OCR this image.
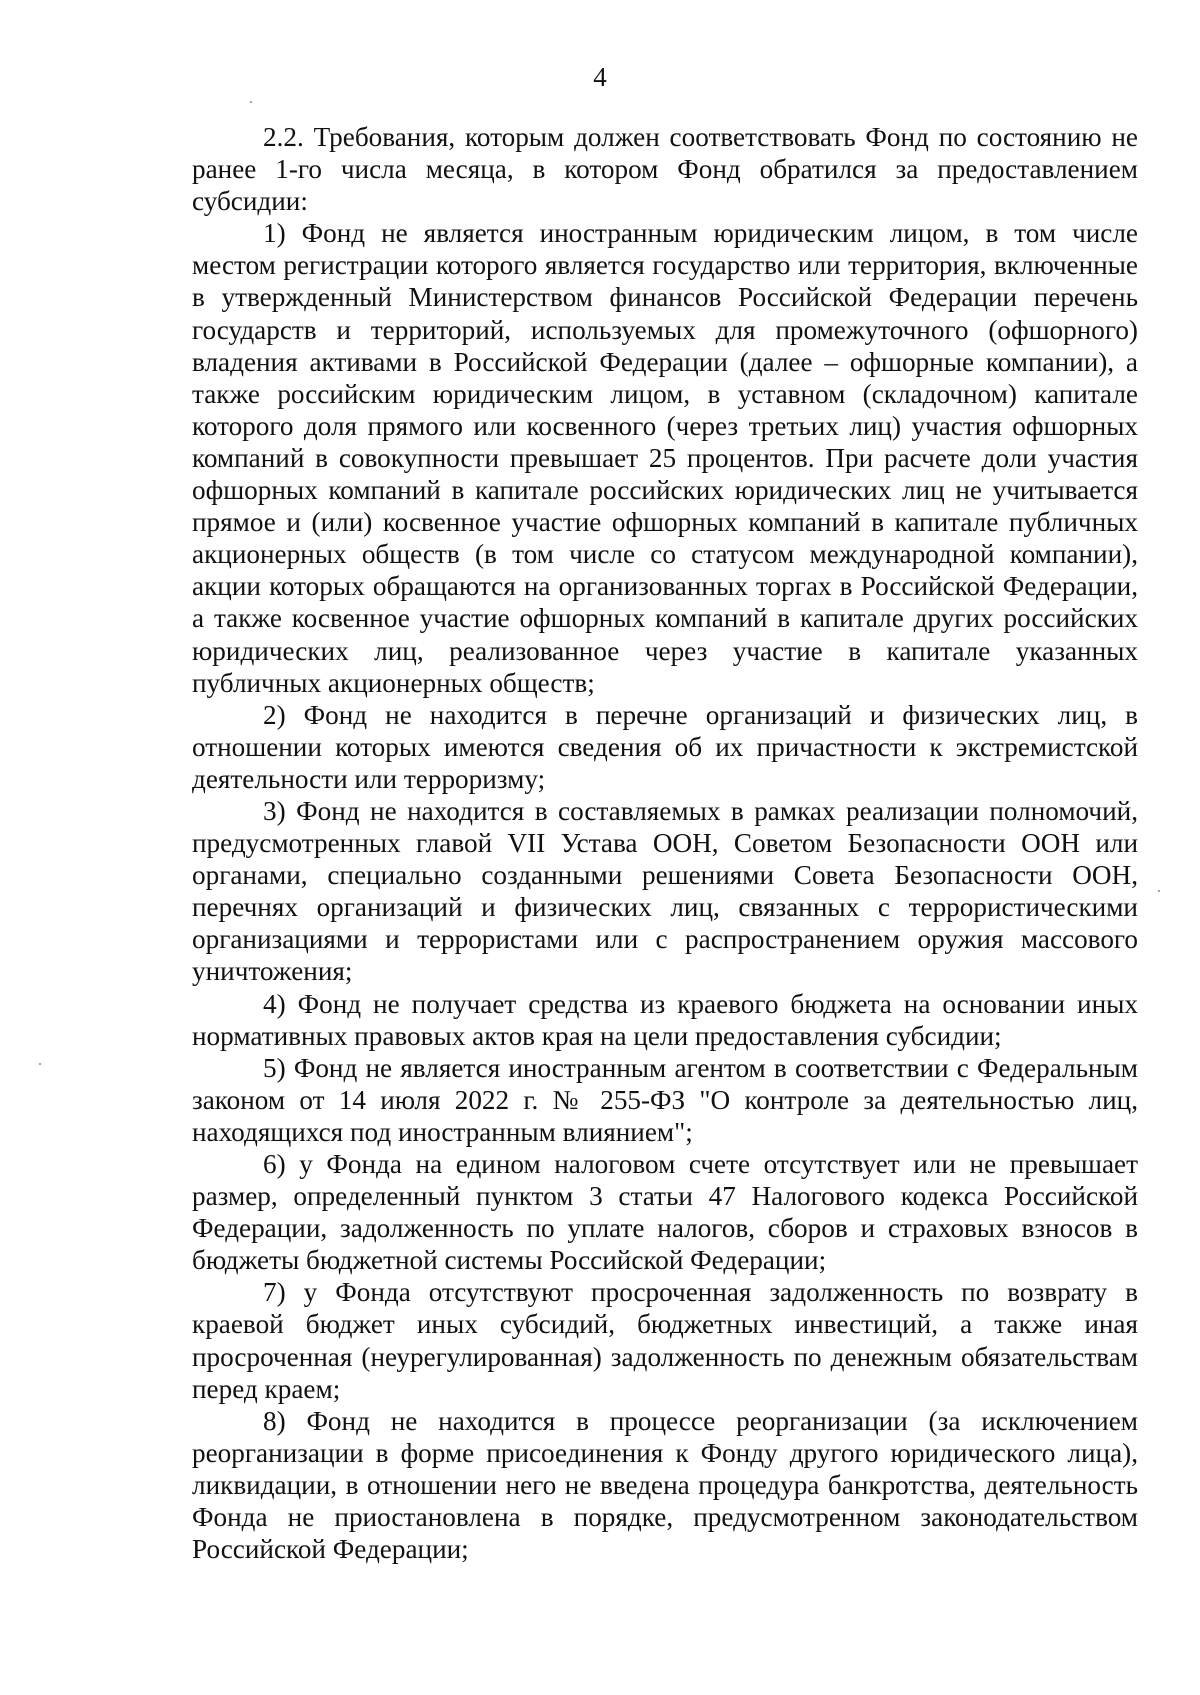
4

2.2. Требования, которым должен соответствовать Фонд по состоянию не ранее 1-го числа месяца, в котором Фонд обратился за предоставлением субсидии:

1) Фонд не является иностранным юридическим лицом, в том числе местом регистрации которого является государство или территория, включенные в утвержденный Министерством финансов Российской Федерации перечень государств и территорий, используемых для промежуточного (офшорного) владения активами в Российской Федерации (далее – офшорные компании), а также российским юридическим лицом, в уставном (складочном) капитале которого доля прямого или косвенного (через третьих лиц) участия офшорных компаний в совокупности превышает 25 процентов. При расчете доли участия офшорных компаний в капитале российских юридических лиц не учитывается прямое и (или) косвенное участие офшорных компаний в капитале публичных акционерных обществ (в том числе со статусом международной компании), акции которых обращаются на организованных торгах в Российской Федерации, а также косвенное участие офшорных компаний в капитале других российских юридических лиц, реализованное через участие в капитале указанных публичных акционерных обществ;

2) Фонд не находится в перечне организаций и физических лиц, в отношении которых имеются сведения об их причастности к экстремистской деятельности или терроризму;

3) Фонд не находится в составляемых в рамках реализации полномочий, предусмотренных главой VII Устава ООН, Советом Безопасности ООН или органами, специально созданными решениями Совета Безопасности ООН, перечнях организаций и физических лиц, связанных с террористическими организациями и террористами или с распространением оружия массового уничтожения;

4) Фонд не получает средства из краевого бюджета на основании иных нормативных правовых актов края на цели предоставления субсидии;

5) Фонд не является иностранным агентом в соответствии с Федеральным законом от 14 июля 2022 г. № 255-ФЗ "О контроле за деятельностью лиц, находящихся под иностранным влиянием";

6) у Фонда на едином налоговом счете отсутствует или не превышает размер, определенный пунктом 3 статьи 47 Налогового кодекса Российской Федерации, задолженность по уплате налогов, сборов и страховых взносов в бюджеты бюджетной системы Российской Федерации;

7) у Фонда отсутствуют просроченная задолженность по возврату в краевой бюджет иных субсидий, бюджетных инвестиций, а также иная просроченная (неурегулированная) задолженность по денежным обязательствам перед краем;

8) Фонд не находится в процессе реорганизации (за исключением реорганизации в форме присоединения к Фонду другого юридического лица), ликвидации, в отношении него не введена процедура банкротства, деятельность Фонда не приостановлена в порядке, предусмотренном законодательством Российской Федерации;
